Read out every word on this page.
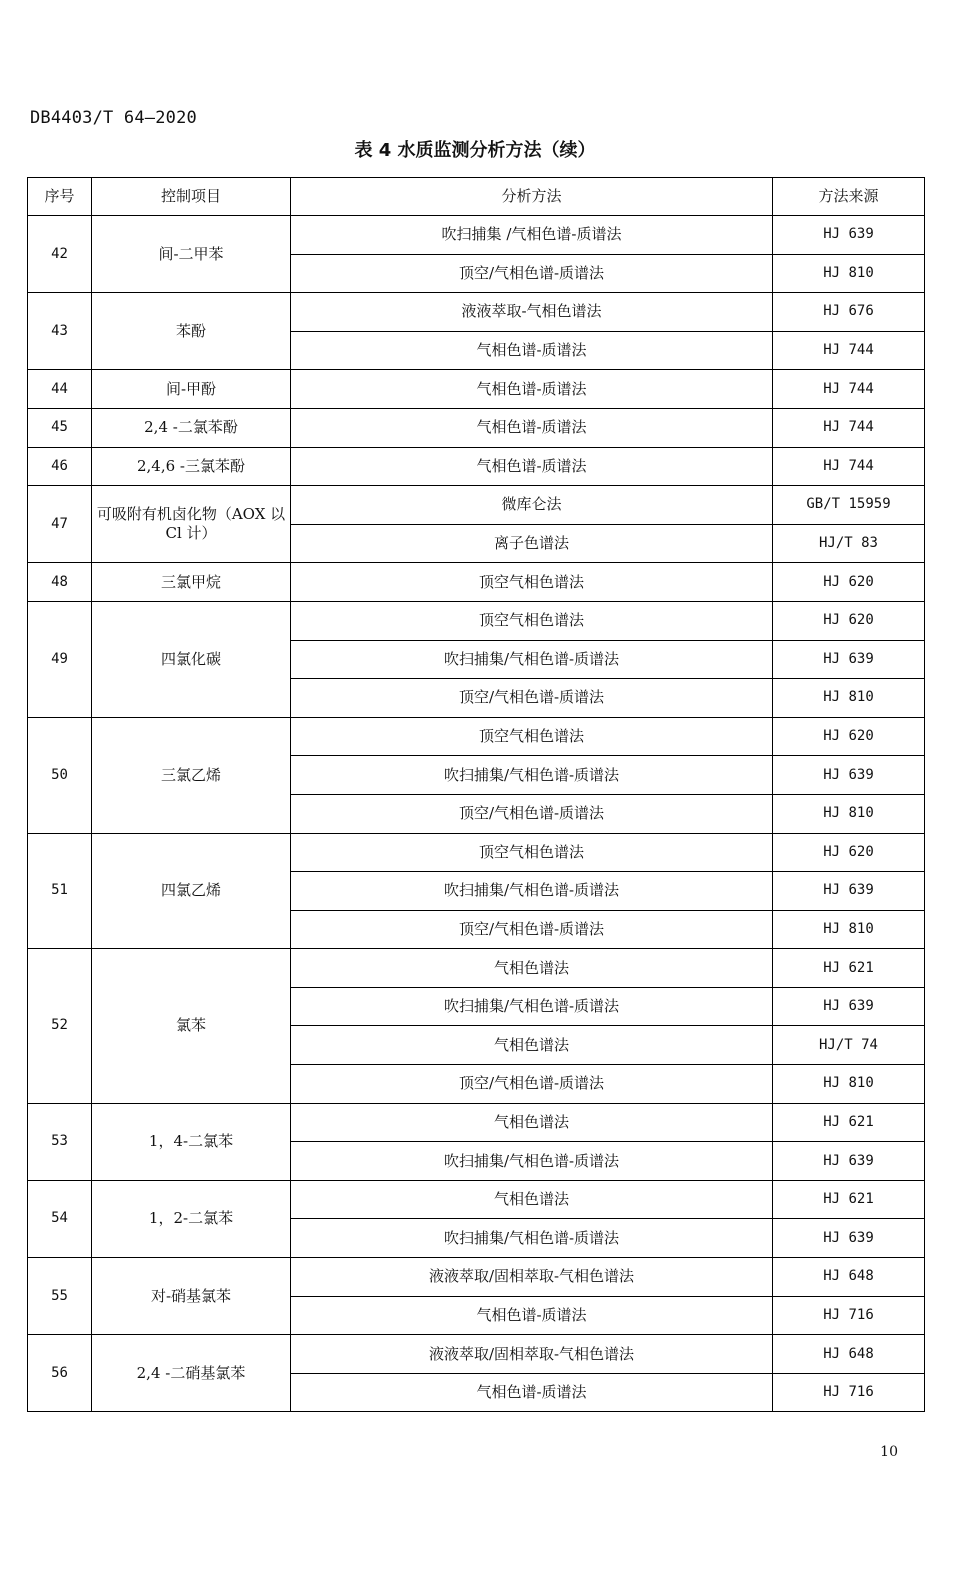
DB4403/T 64—2020
表 4 水质监测分析方法（续）
序号	控制项目	分析方法	方法来源
42	间-二甲苯	吹扫捕集 /气相色谱-质谱法	HJ 639
		顶空/气相色谱-质谱法	HJ 810
43	苯酚	液液萃取-气相色谱法	HJ 676
		气相色谱-质谱法	HJ 744
44	间-甲酚	气相色谱-质谱法	HJ 744
45	2,4 -二氯苯酚	气相色谱-质谱法	HJ 744
46	2,4,6 -三氯苯酚	气相色谱-质谱法	HJ 744
47	可吸附有机卤化物（AOX 以 Cl 计）	微库仑法	GB/T 15959
		离子色谱法	HJ/T 83
48	三氯甲烷	顶空气相色谱法	HJ 620
49	四氯化碳	顶空气相色谱法	HJ 620
		吹扫捕集/气相色谱-质谱法	HJ 639
		顶空/气相色谱-质谱法	HJ 810
50	三氯乙烯	顶空气相色谱法	HJ 620
		吹扫捕集/气相色谱-质谱法	HJ 639
		顶空/气相色谱-质谱法	HJ 810
51	四氯乙烯	顶空气相色谱法	HJ 620
		吹扫捕集/气相色谱-质谱法	HJ 639
		顶空/气相色谱-质谱法	HJ 810
52	氯苯	气相色谱法	HJ 621
		吹扫捕集/气相色谱-质谱法	HJ 639
		气相色谱法	HJ/T 74
		顶空/气相色谱-质谱法	HJ 810
53	1，4-二氯苯	气相色谱法	HJ 621
		吹扫捕集/气相色谱-质谱法	HJ 639
54	1，2-二氯苯	气相色谱法	HJ 621
		吹扫捕集/气相色谱-质谱法	HJ 639
55	对-硝基氯苯	液液萃取/固相萃取-气相色谱法	HJ 648
		气相色谱-质谱法	HJ 716
56	2,4 -二硝基氯苯	液液萃取/固相萃取-气相色谱法	HJ 648
		气相色谱-质谱法	HJ 716
10
